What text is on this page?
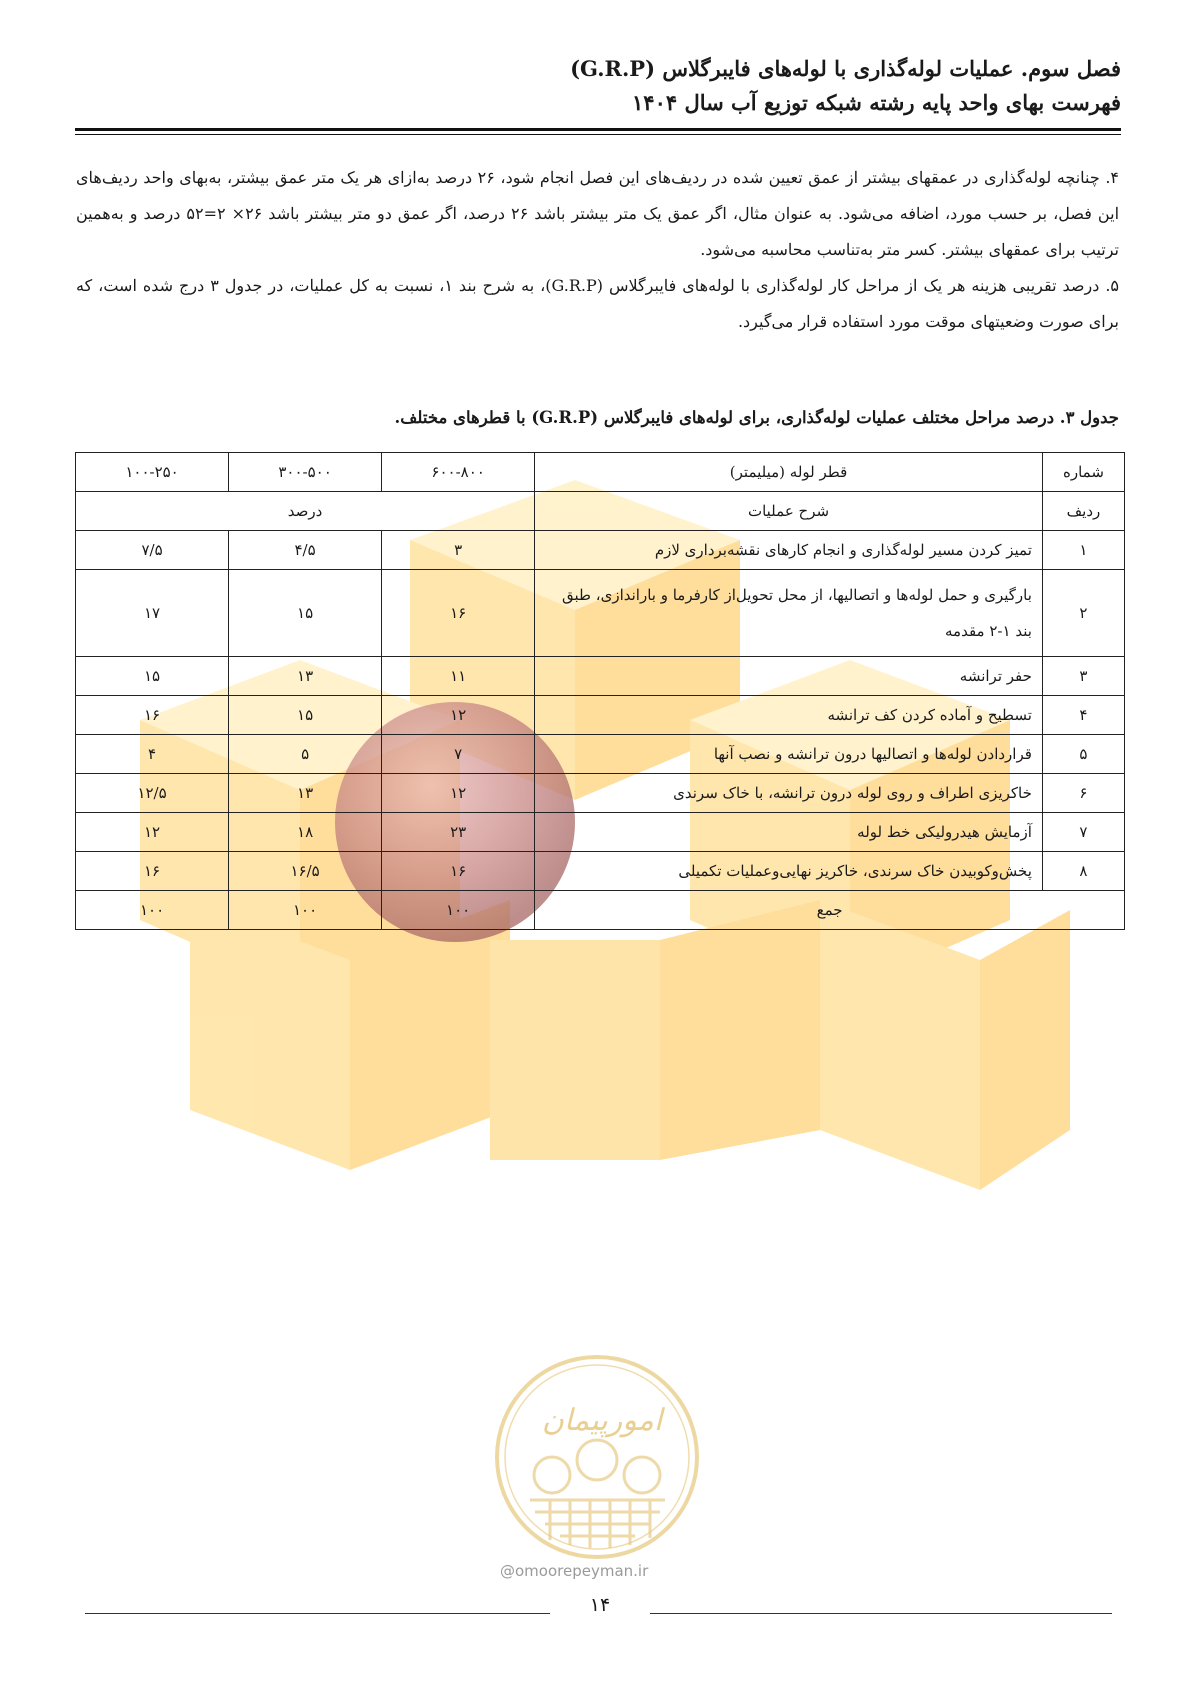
فصل سوم. عملیات لوله‌گذاری با لوله‌های فایبرگلاس (G.R.P)
فهرست بهای واحد پایه رشته شبکه توزیع آب سال ۱۴۰۴

۴. چنانچه لوله‌گذاری در عمقهای بیشتر از عمق تعیین شده در ردیف‌های این فصل انجام شود، ۲۶ درصد به‌ازای هر یک متر عمق بیشتر، به‌بهای واحد ردیف‌های این فصل، بر حسب مورد، اضافه می‌شود. به عنوان مثال، اگر عمق یک متر بیشتر باشد ۲۶ درصد، اگر عمق دو متر بیشتر باشد ۲۶× ۲=۵۲ درصد و به‌همین ترتیب برای عمقهای بیشتر. کسر متر به‌تناسب محاسبه می‌شود.

۵. درصد تقریبی هزینه هر یک از مراحل کار لوله‌گذاری با لوله‌های فایبرگلاس (G.R.P)، به شرح بند ۱، نسبت به کل عملیات، در جدول ۳ درج شده است، که برای صورت وضعیتهای موقت مورد استفاده قرار می‌گیرد.

جدول ۳. درصد مراحل مختلف عملیات لوله‌گذاری، برای لوله‌های فایبرگلاس (G.R.P) با قطرهای مختلف.
شماره	قطر لوله (میلیمتر)	۶۰۰-۸۰۰	۳۰۰-۵۰۰	۱۰۰-۲۵۰
ردیف	شرح عملیات	درصد		
۱	تمیز کردن مسیر لوله‌گذاری و انجام کارهای نقشه‌برداری لازم	۳	۴/۵	۷/۵
۲	بارگیری و حمل لوله‌ها و اتصالیها، از محل تحویل‌از کارفرما و باراندازی، طبق بند ۱-۲ مقدمه	۱۶	۱۵	۱۷
۳	حفر ترانشه	۱۱	۱۳	۱۵
۴	تسطیح و آماده کردن کف ترانشه	۱۲	۱۵	۱۶
۵	قراردادن لوله‌ها و اتصالیها درون ترانشه و نصب آنها	۷	۵	۴
۶	خاکریزی اطراف و روی لوله درون ترانشه، با خاک سرندی	۱۲	۱۳	۱۲/۵
۷	آزمایش هیدرولیکی خط لوله	۲۳	۱۸	۱۲
۸	پخش‌وکوبیدن خاک سرندی، خاکریز نهایی‌وعملیات تکمیلی	۱۶	۱۶/۵	۱۶
جمع		۱۰۰	۱۰۰	۱۰۰
امورپیمان
@omoorepeyman.ir
۱۴
